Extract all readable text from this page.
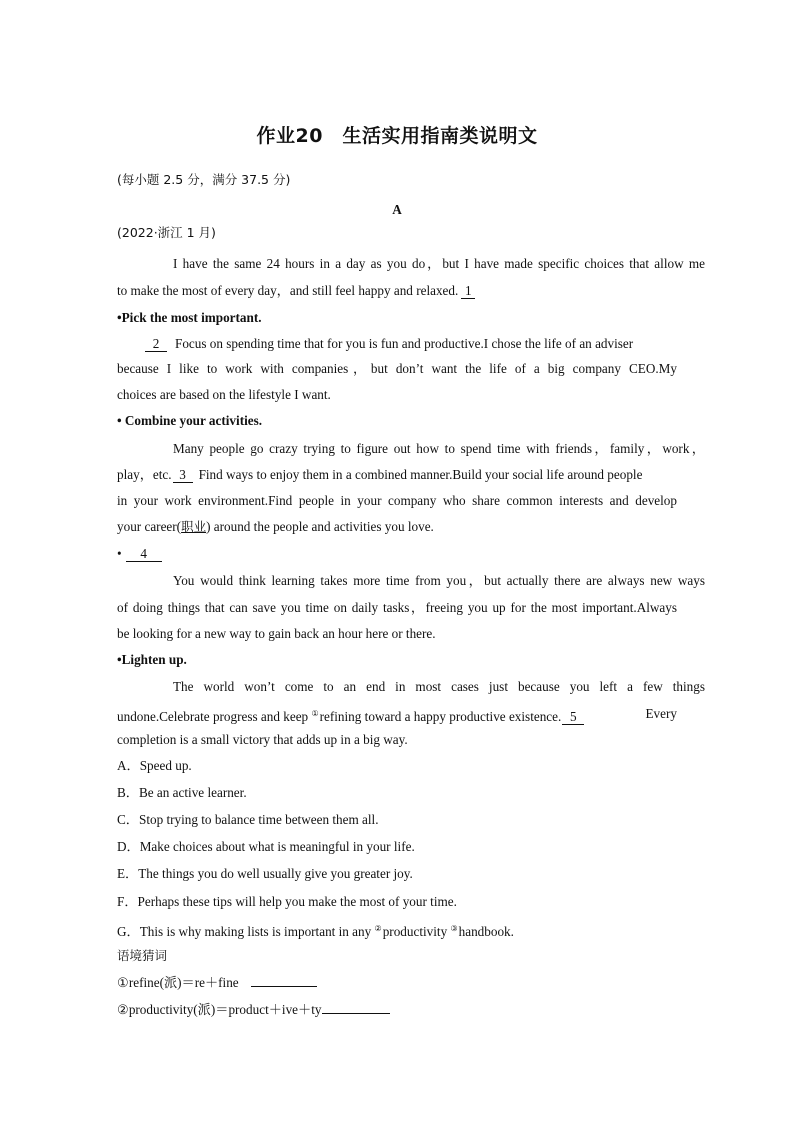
作业20　生活实用指南类说明文
(每小题 2.5 分，满分 37.5 分)
A
(2022·浙江 1 月)
I have the same 24 hours in a day as you do，but I have made specific choices that allow me
to make the most of every day，and still feel happy and relaxed. 1
•Pick the most important.
2 Focus on spending time that for you is fun and productive.I chose the life of an adviser
because I like to work with companies，but don’t want the life of a big company CEO.My
choices are based on the lifestyle I want.
• Combine your activities.
Many people go crazy trying to figure out how to spend time with friends，family，work，
play，etc. 3 Find ways to enjoy them in a combined manner.Build your social life around people
in your work environment.Find people in your company who share common interests and develop
your career(职业) around the people and activities you love.
• 4
You would think learning takes more time from you，but actually there are always new ways
of doing things that can save you time on daily tasks，freeing you up for the most important.Always
be looking for a new way to gain back an hour here or there.
•Lighten up.
The world won’t come to an end in most cases just because you left a few things
undone.Celebrate progress and keep ①refining toward a happy productive existence. 5	Every
completion is a small victory that adds up in a big way.
A．Speed up.
B．Be an active learner.
C．Stop trying to balance time between them all.
D．Make choices about what is meaningful in your life.
E．The things you do well usually give you greater joy.
F．Perhaps these tips will help you make the most of your time.
G．This is why making lists is important in any ②productivity ③handbook.
语境猜词
①refine(派)＝re＋fine
②productivity(派)＝product＋ive＋ty
